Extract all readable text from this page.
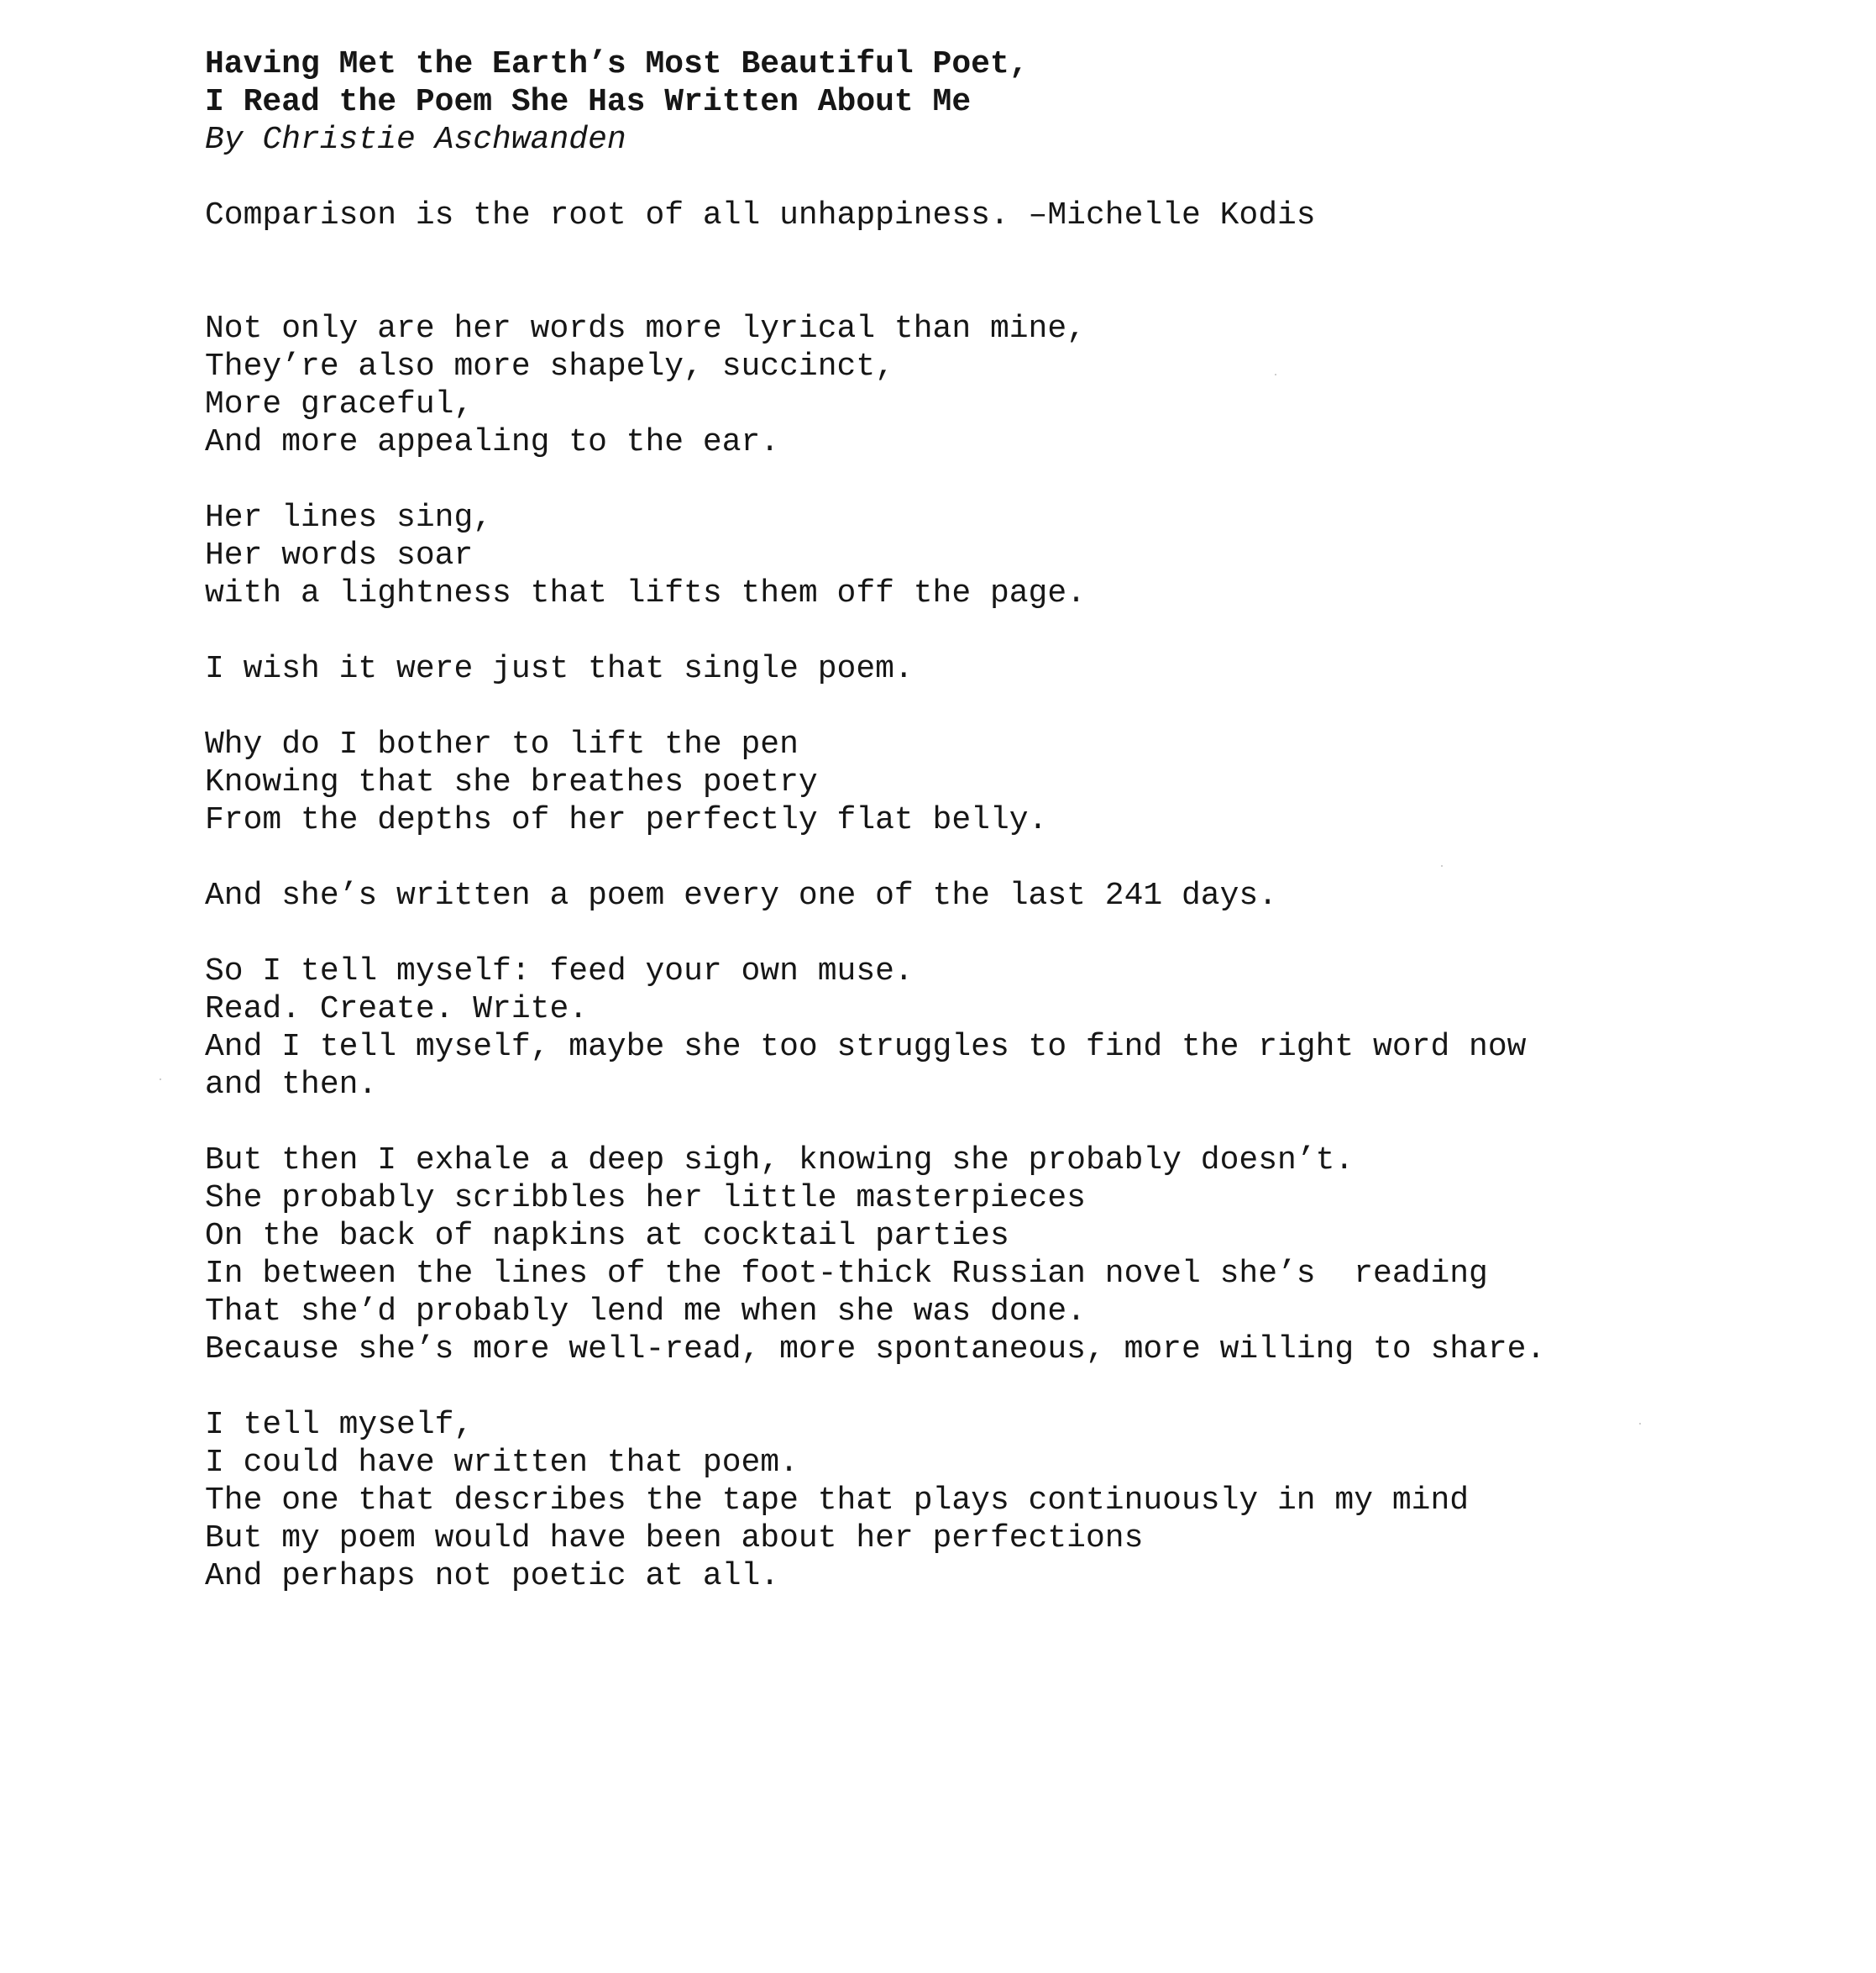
Having Met the Earth’s Most Beautiful Poet,
I Read the Poem She Has Written About Me
By Christie Aschwanden
Comparison is the root of all unhappiness. –Michelle Kodis
Not only are her words more lyrical than mine,
They’re also more shapely, succinct,
More graceful,
And more appealing to the ear.
Her lines sing,
Her words soar
with a lightness that lifts them off the page.
I wish it were just that single poem.
Why do I bother to lift the pen
Knowing that she breathes poetry
From the depths of her perfectly flat belly.
And she’s written a poem every one of the last 241 days.
So I tell myself: feed your own muse.
Read. Create. Write.
And I tell myself, maybe she too struggles to find the right word now
and then.
But then I exhale a deep sigh, knowing she probably doesn’t.
She probably scribbles her little masterpieces
On the back of napkins at cocktail parties
In between the lines of the foot-thick Russian novel she’s  reading
That she’d probably lend me when she was done.
Because she’s more well-read, more spontaneous, more willing to share.
I tell myself,
I could have written that poem.
The one that describes the tape that plays continuously in my mind
But my poem would have been about her perfections
And perhaps not poetic at all.
